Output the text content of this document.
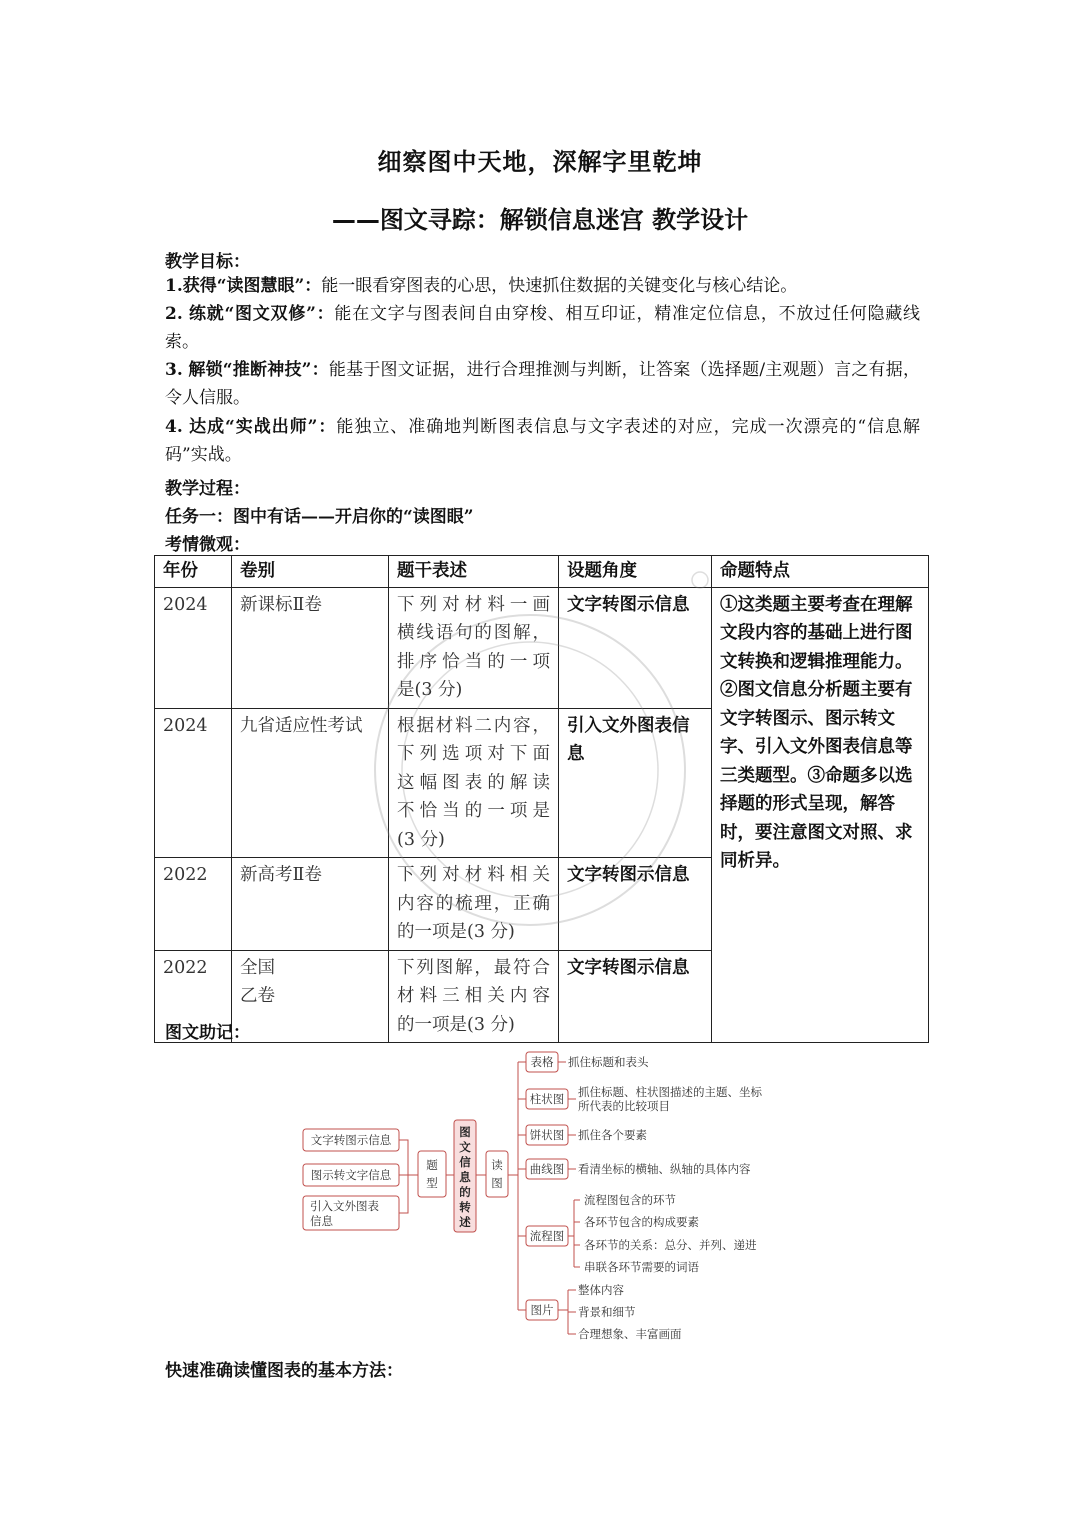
细察图中天地，深解字里乾坤
——图文寻踪：解锁信息迷宫 教学设计
教学目标：
1.获得“读图慧眼”：能一眼看穿图表的心思，快速抓住数据的关键变化与核心结论。
2. 练就“图文双修”：能在文字与图表间自由穿梭、相互印证，精准定位信息，不放过任何隐藏线索。
3. 解锁“推断神技”：能基于图文证据，进行合理推测与判断，让答案（选择题/主观题）言之有据，令人信服。
4. 达成“实战出师”：能独立、准确地判断图表信息与文字表述的对应，完成一次漂亮的“信息解码”实战。
教学过程：
任务一：图中有话——开启你的“读图眼”
考情微观：
年份	卷别	题干表述	设题角度	命题特点
2024	新课标Ⅱ卷	下列对材料一画
横线语句的图解，
排序恰当的一项
是(3 分)	文字转图示信息	①这类题主要考查在理解文段内容的基础上进行图文转换和逻辑推理能力。②图文信息分析题主要有文字转图示、图示转文字、引入文外图表信息等三类题型。③命题多以选择题的形式呈现，解答时，要注意图文对照、求同析异。
2024	九省适应性考试	根据材料二内容，
下列选项对下面
这幅图表的解读
不恰当的一项是
(3 分)	引入文外图表信息	
2022	新高考Ⅱ卷	下列对材料相关
内容的梳理，正确
的一项是(3 分)	文字转图示信息	
2022	全国
乙卷	下列图解，最符合
材料三相关内容
的一项是(3 分)	文字转图示信息	
图文助记：
文字转图示信息
图示转文字信息
引入文外图表
信息
题
型
图
文
信
息
的
转
述
读
图
表格
柱状图
饼状图
曲线图
流程图
图片
抓住标题和表头
抓住标题、柱状图描述的主题、坐标
所代表的比较项目
抓住各个要素
看清坐标的横轴、纵轴的具体内容
流程图包含的环节
各环节包含的构成要素
各环节的关系：总分、并列、递进
串联各环节需要的词语
整体内容
背景和细节
合理想象、丰富画面
快速准确读懂图表的基本方法：
